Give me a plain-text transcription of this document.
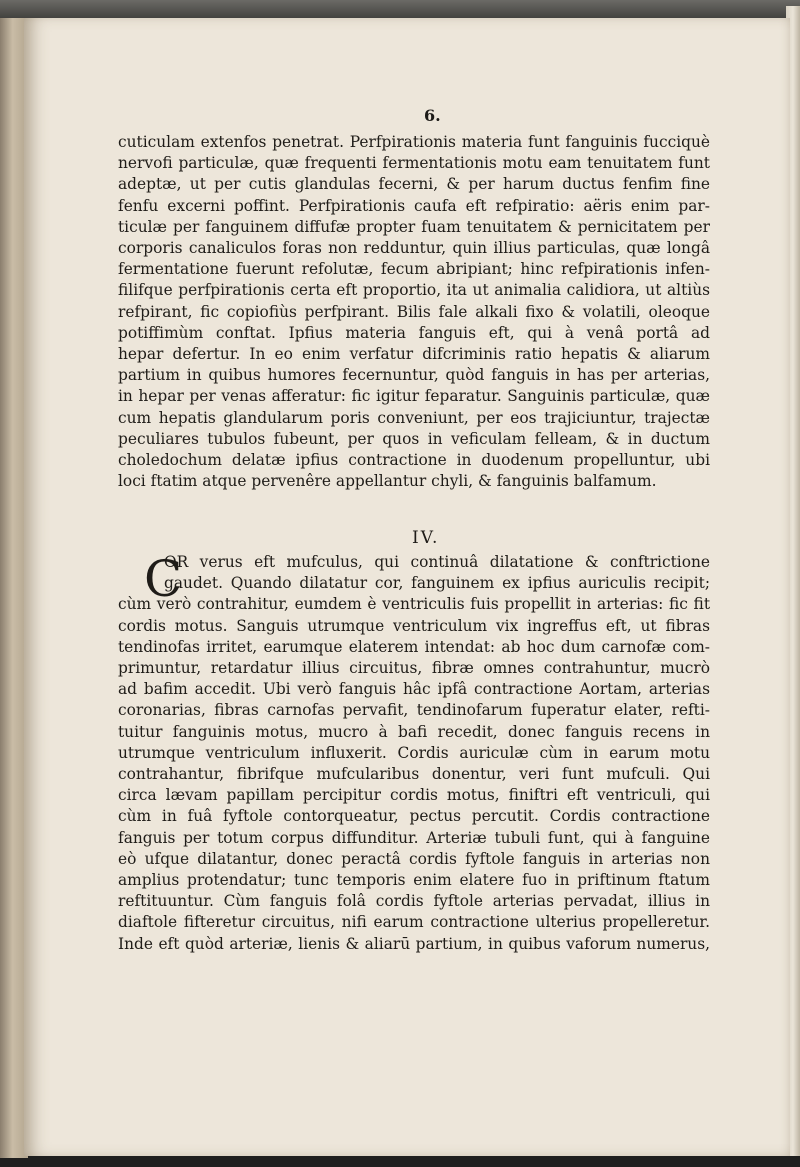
6.
cuticulam extenfos penetrat. Perfpirationis materia funt fanguinis fucciquè
nervofi particulæ, quæ frequenti fermentationis motu eam tenuitatem funt
adeptæ, ut per cutis glandulas fecerni, & per harum ductus fenfim fine
fenfu excerni poffint. Perfpirationis caufa eft refpiratio: aëris enim par-
ticulæ per fanguinem diffufæ propter fuam tenuitatem & pernicitatem per
corporis canaliculos foras non redduntur, quin illius particulas, quæ longâ
fermentatione fuerunt refolutæ, fecum abripiant; hinc refpirationis infen-
filifque perfpirationis certa eft proportio, ita ut animalia calidiora, ut altiùs
refpirant, fic copiofiùs perfpirant. Bilis fale alkali fixo & volatili, oleoque
potiffimùm conftat. Ipfius materia fanguis eft, qui à venâ portâ ad
hepar defertur. In eo enim verfatur difcriminis ratio hepatis & aliarum
partium in quibus humores fecernuntur, quòd fanguis in has per arterias,
in hepar per venas afferatur: fic igitur feparatur. Sanguinis particulæ, quæ
cum hepatis glandularum poris conveniunt, per eos trajiciuntur, trajectæ
peculiares tubulos fubeunt, per quos in veficulam felleam, & in ductum
choledochum delatæ ipfius contractione in duodenum propelluntur, ubi
loci ftatim atque pervenêre appellantur chyli, & fanguinis balfamum.
IV.
C
OR verus eft mufculus, qui continuâ dilatatione & conftrictione
gaudet. Quando dilatatur cor, fanguinem ex ipfius auriculis recipit;
cùm verò contrahitur, eumdem è ventriculis fuis propellit in arterias: fic fit
cordis motus. Sanguis utrumque ventriculum vix ingreffus eft, ut fibras
tendinofas irritet, earumque elaterem intendat: ab hoc dum carnofæ com-
primuntur, retardatur illius circuitus, fibræ omnes contrahuntur, mucrò
ad bafim accedit. Ubi verò fanguis hâc ipfâ contractione Aortam, arterias
coronarias, fibras carnofas pervafit, tendinofarum fuperatur elater, refti-
tuitur fanguinis motus, mucro à bafi recedit, donec fanguis recens in
utrumque ventriculum influxerit. Cordis auriculæ cùm in earum motu
contrahantur, fibrifque mufcularibus donentur, veri funt mufculi. Qui
circa lævam papillam percipitur cordis motus, finiftri eft ventriculi, qui
cùm in fuâ fyftole contorqueatur, pectus percutit. Cordis contractione
fanguis per totum corpus diffunditur. Arteriæ tubuli funt, qui à fanguine
eò ufque dilatantur, donec peractâ cordis fyftole fanguis in arterias non
amplius protendatur; tunc temporis enim elatere fuo in priftinum ftatum
reftituuntur. Cùm fanguis folâ cordis fyftole arterias pervadat, illius in
diaftole fifteretur circuitus, nifi earum contractione ulterius propelleretur.
Inde eft quòd arteriæ, lienis & aliarū partium, in quibus vaforum numerus,
